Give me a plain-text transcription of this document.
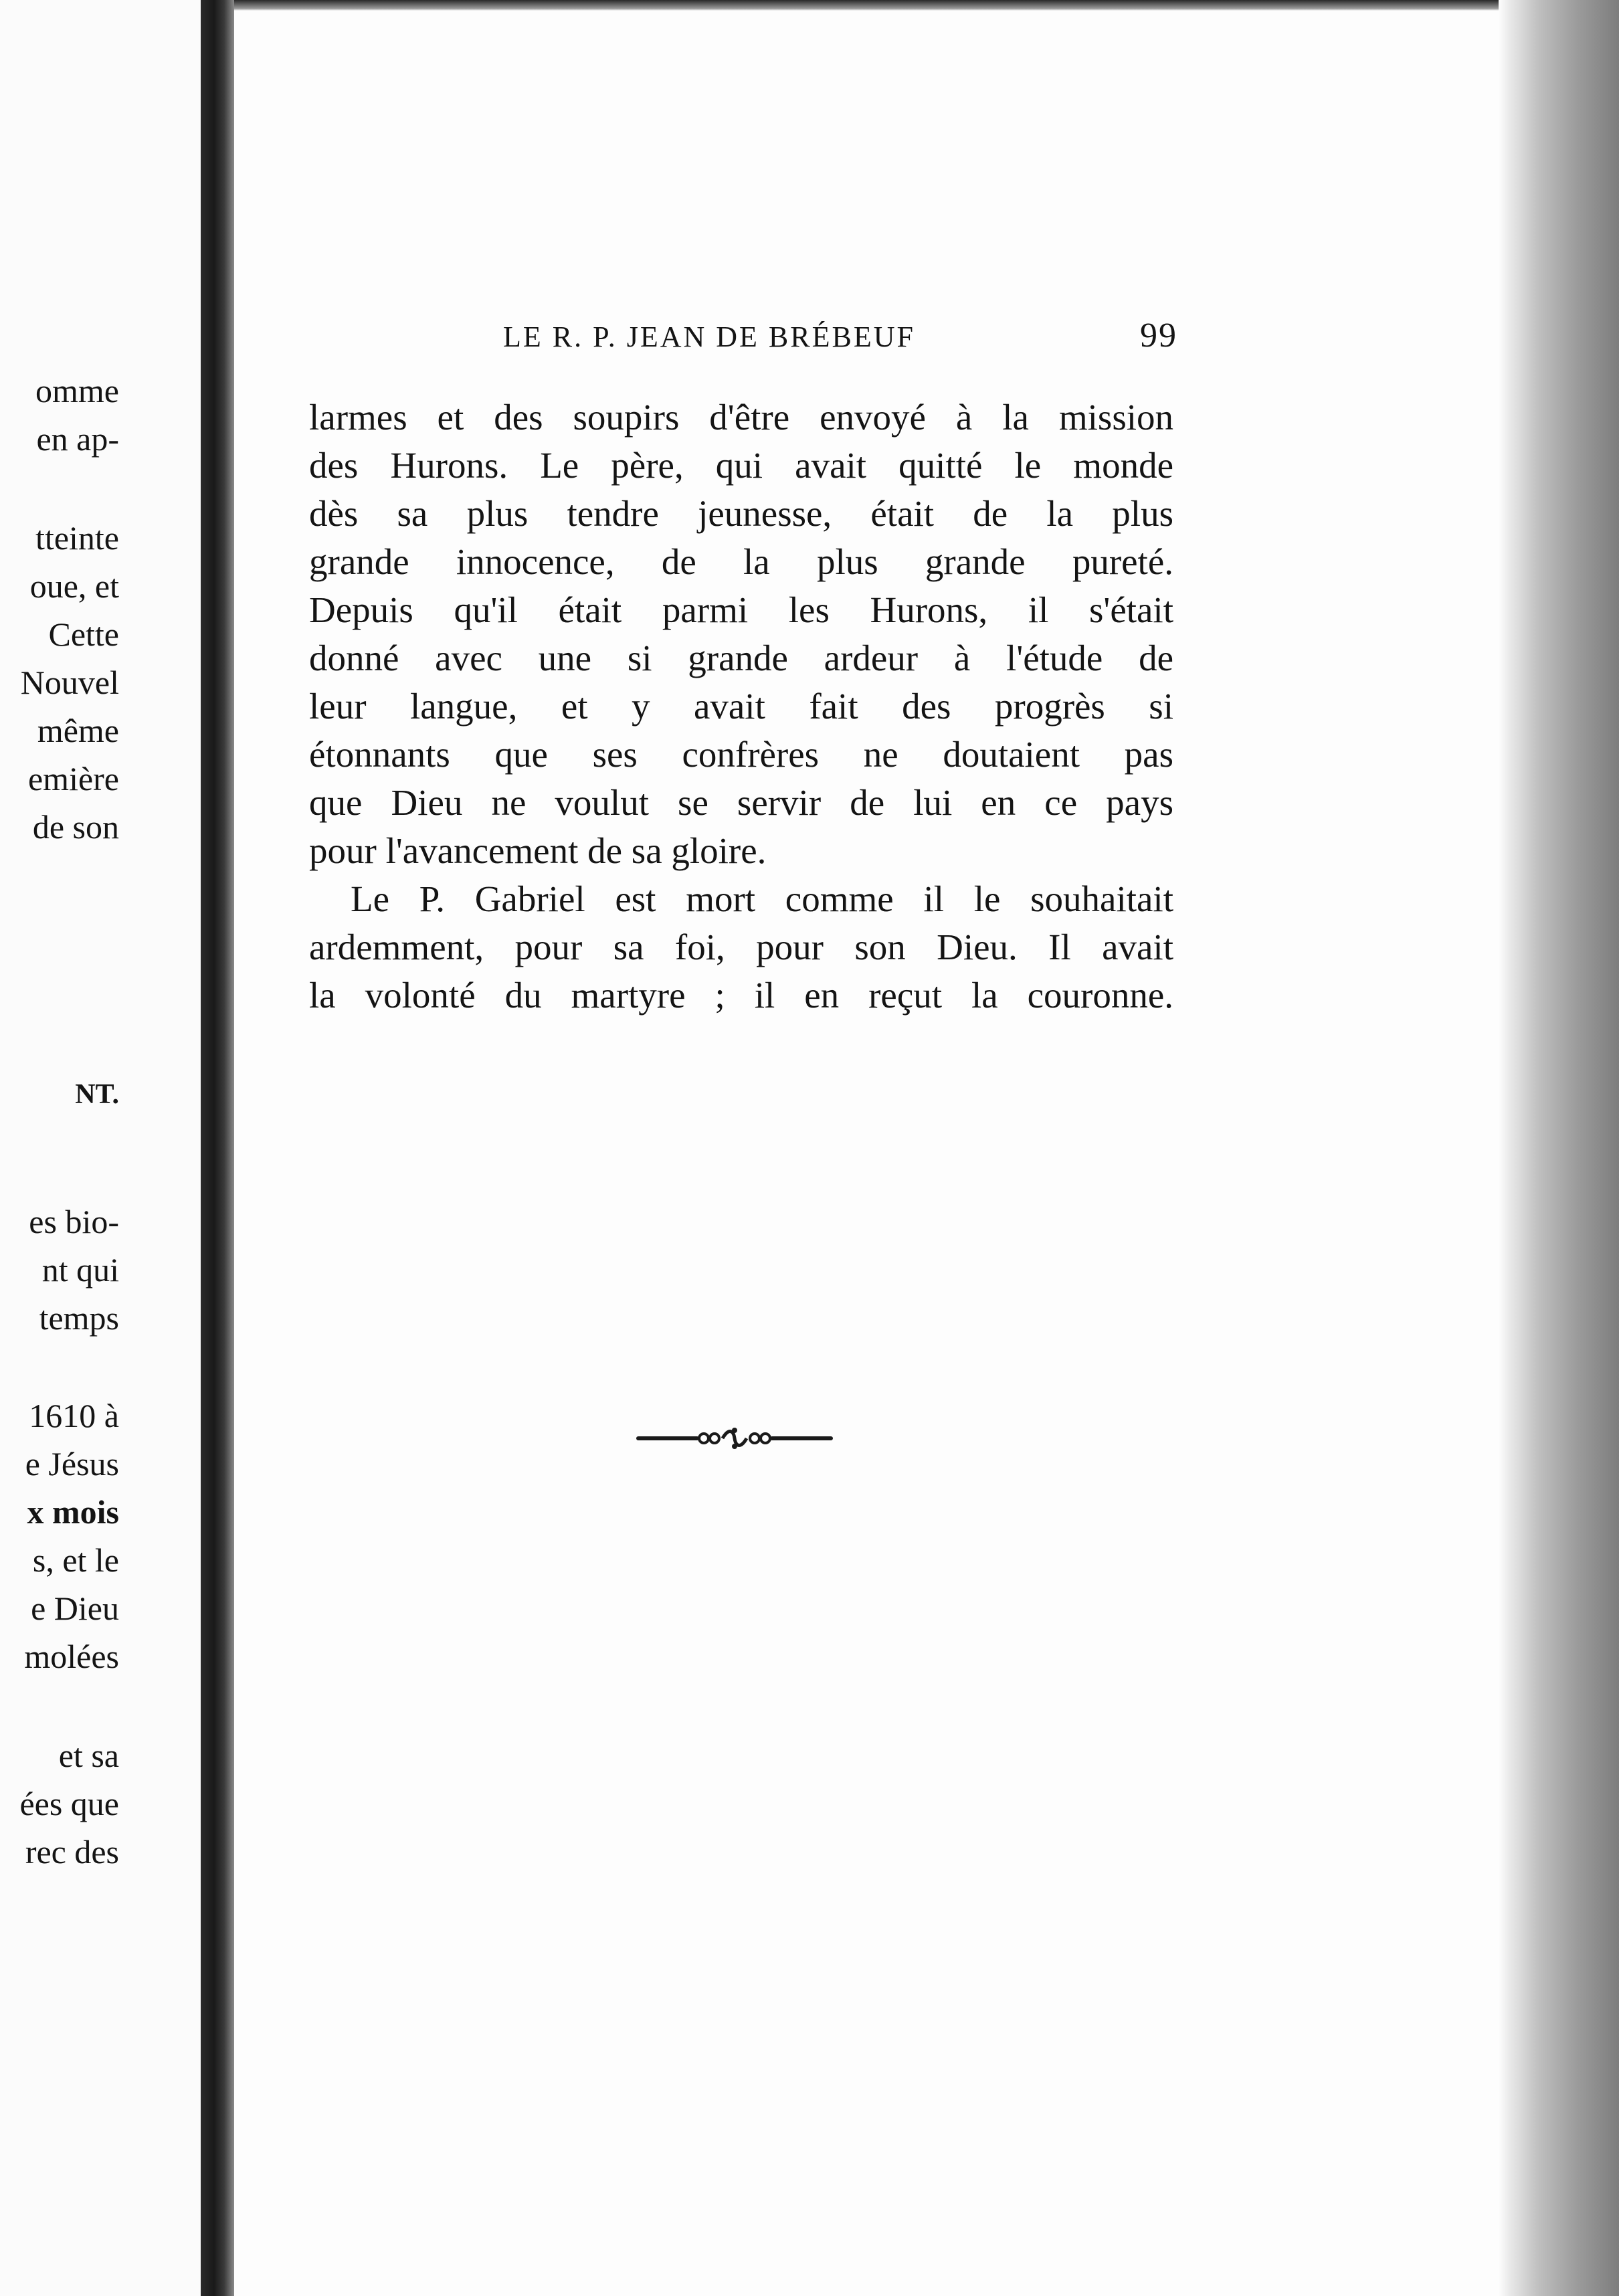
omme
en ap-
tteinte
oue, et
Cette
Nouvel
même
emière
de son
NT.
es bio-
nt qui
temps
1610 à
e Jésus
x mois
s, et le
e Dieu
molées
et sa
ées que
rec des
LE R. P. JEAN DE BRÉBEUF	99
larmes et des soupirs d'être envoyé à la mission
des Hurons. Le père, qui avait quitté le monde
dès sa plus tendre jeunesse, était de la plus
grande innocence, de la plus grande pureté.
Depuis qu'il était parmi les Hurons, il s'était
donné avec une si grande ardeur à l'étude de
leur langue, et y avait fait des progrès si
étonnants que ses confrères ne doutaient pas
que Dieu ne voulut se servir de lui en ce pays
pour l'avancement de sa gloire.
Le P. Gabriel est mort comme il le souhaitait
ardemment, pour sa foi, pour son Dieu. Il avait
la volonté du martyre ; il en reçut la couronne.
